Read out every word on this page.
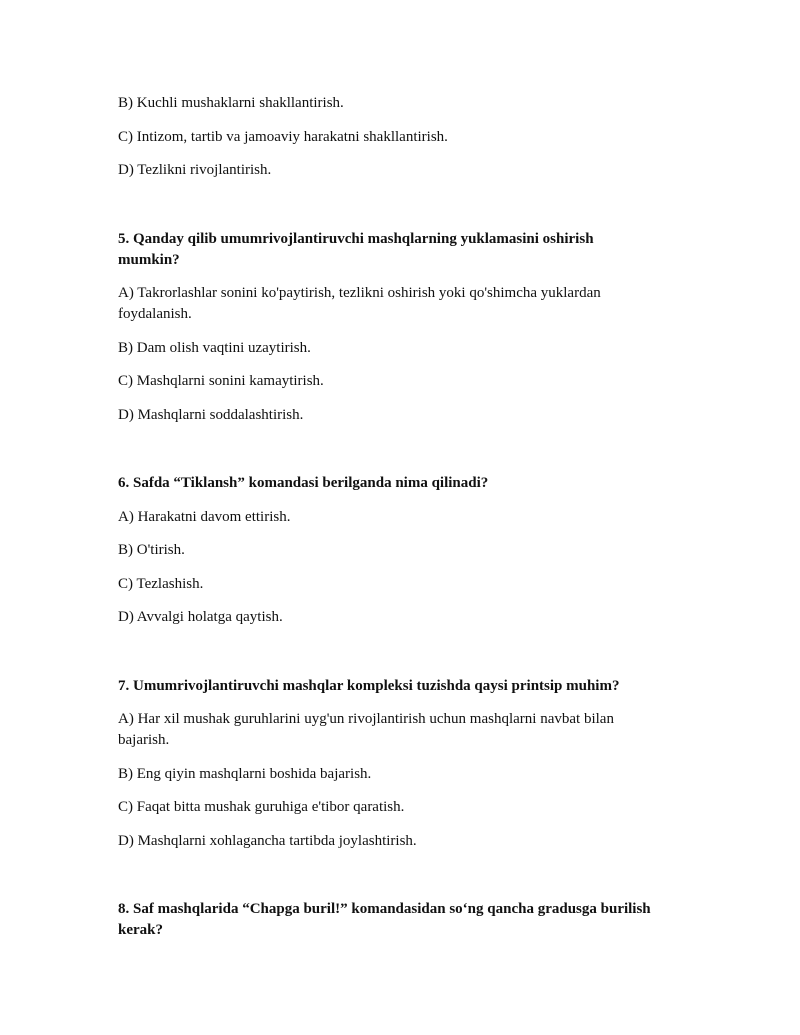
B) Kuchli mushaklarni shakllantirish.

C) Intizom, tartib va jamoaviy harakatni shakllantirish.

D) Tezlikni rivojlantirish.

5. Qanday qilib umumrivojlantiruvchi mashqlarning yuklamasini oshirish

mumkin?

A) Takrorlashlar sonini ko'paytirish, tezlikni oshirish yoki qo'shimcha yuklardan

foydalanish.

B) Dam olish vaqtini uzaytirish.

C) Mashqlarni sonini kamaytirish.

D) Mashqlarni soddalashtirish.

6. Safda “Tiklansh” komandasi berilganda nima qilinadi?

A) Harakatni davom ettirish.

B) O'tirish.

C) Tezlashish.

D) Avvalgi holatga qaytish.

7. Umumrivojlantiruvchi mashqlar kompleksi tuzishda qaysi printsip muhim?

A) Har xil mushak guruhlarini uyg'un rivojlantirish uchun mashqlarni navbat bilan

bajarish.

B) Eng qiyin mashqlarni boshida bajarish.

C) Faqat bitta mushak guruhiga e'tibor qaratish.

D) Mashqlarni xohlagancha tartibda joylashtirish.

8. Saf mashqlarida “Chapga buril!” komandasidan so‘ng qancha gradusga burilish

kerak?
